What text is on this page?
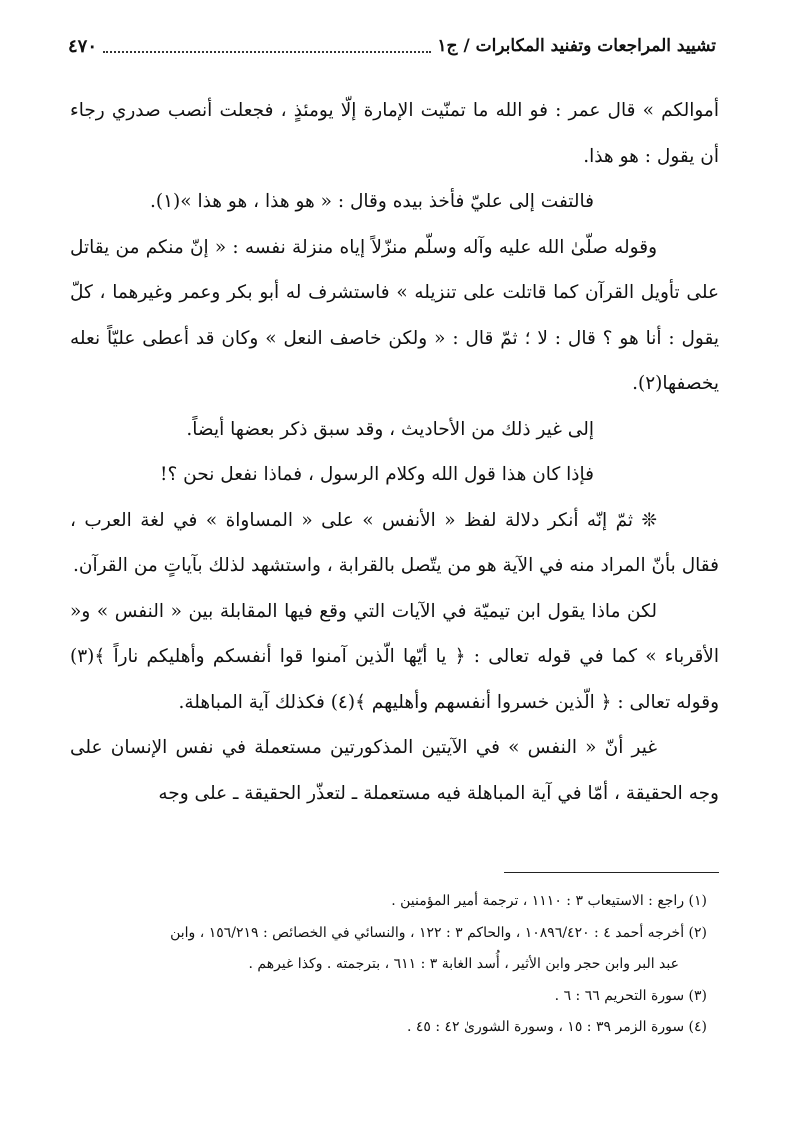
تشييد المراجعات وتفنيد المكابرات / ج١
٤٧٠

أموالكم » قال عمر : فو الله ما تمنّيت الإمارة إلّا يومئذٍ ، فجعلت أنصب صدري رجاء أن يقول : هو هذا.

فالتفت إلى عليّ فأخذ بيده وقال : « هو هذا ، هو هذا »(١).

وقوله صلّىٰ الله عليه وآله وسلّم منزّلاً إياه منزلة نفسه : « إنّ منكم من يقاتل على تأويل القرآن كما قاتلت على تنزيله » فاستشرف له أبو بكر وعمر وغيرهما ، كلّ يقول : أنا هو ؟ قال : لا ؛ ثمّ قال : « ولكن خاصف النعل » وكان قد أعطى عليّاً نعله يخصفها(٢).

إلى غير ذلك من الأحاديث ، وقد سبق ذكر بعضها أيضاً.

فإذا كان هذا قول الله وكلام الرسول ، فماذا نفعل نحن ؟!

❊ ثمّ إنّه أنكر دلالة لفظ « الأنفس » على « المساواة » في لغة العرب ، فقال بأنّ المراد منه في الآية هو من يتّصل بالقرابة ، واستشهد لذلك بآياتٍ من القرآن.

لكن ماذا يقول ابن تيميّة في الآيات التي وقع فيها المقابلة بين « النفس » و« الأقرباء » كما في قوله تعالى : ﴿ يا أيّها الّذين آمنوا قوا أنفسكم وأهليكم ناراً ﴾(٣) وقوله تعالى : ﴿ الّذين خسروا أنفسهم وأهليهم ﴾(٤) فكذلك آية المباهلة.

غير أنّ « النفس » في الآيتين المذكورتين مستعملة في نفس الإنسان على وجه الحقيقة ، أمّا في آية المباهلة فيه مستعملة ـ لتعذّر الحقيقة ـ على وجه

(١) راجع : الاستيعاب ٣ : ١١١٠ ، ترجمة أمير المؤمنين .

(٢) أخرجه أحمد ٤ : ١٠٨٩٦/٤٢٠ ، والحاكم ٣ : ١٢٢ ، والنسائي في الخصائص : ١٥٦/٢١٩ ، وابن

عبد البر وابن حجر وابن الأثير ، أُسد الغابة ٣ : ٦١١ ، بترجمته . وكذا غيرهم .

(٣) سورة التحريم ٦٦ : ٦ .

(٤) سورة الزمر ٣٩ : ١٥ ، وسورة الشورىٰ ٤٢ : ٤٥ .
